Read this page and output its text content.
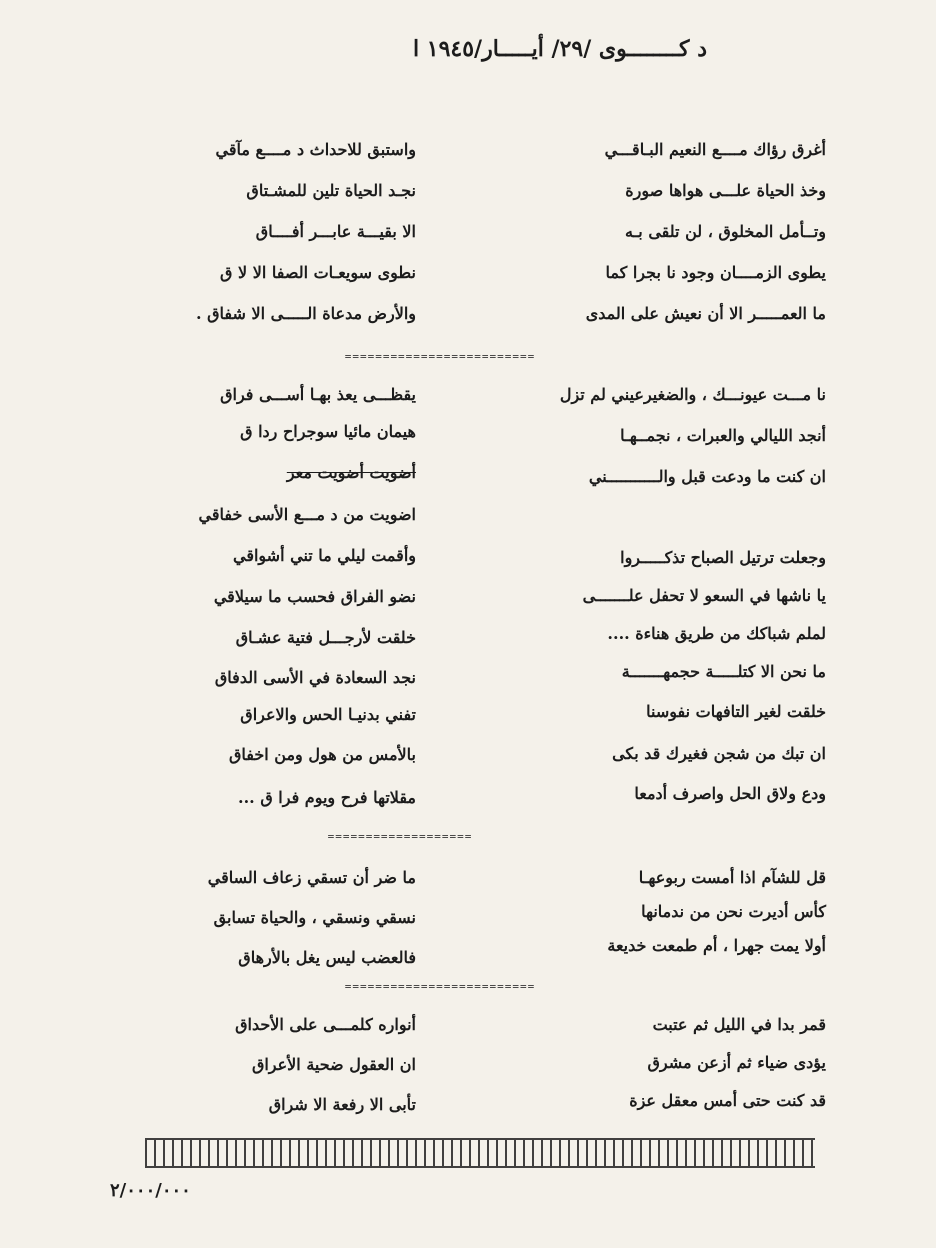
د كــــــــوى /٢٩/ أيـــــار/١٩٤٥ ا
أغرق رؤاك مــــع النعيم البـاقـــي
وخذ الحياة علـــى هواها صورة
وتــأمل المخلوق ، لن تلقى بـه
يطوى الزمــــان وجود نا بجرا كما
ما العمـــــر الا أن نعيش على المدى
واستبق للاحداث د مــــع مآقي
نجـد الحياة تلين للمشـتاق
الا بقيـــة عابـــر أفــــاق
نطوى سويعـات الصفا الا لا ق
والأرض مدعاة الـــــى الا شفاق .
=========================
نا مـــت عيونـــك ، والضغيرعيني لم تزل
أنجد الليالي والعبرات ، نجمــهـا
ان كنت ما ودعت قبل والـــــــــــني
يقظـــى يعذ بهـا أســـى فراق
هيمان مائيا سوجراح ردا ق
أضويت أضويت معر
اضويت من د مـــع الأسى خفاقي
وأقمت ليلي ما تني أشواقي
نضو الفراق فحسب ما سيلاقي
خلقت لأرجـــل فتية عشـاق
نجد السعادة في الأسى الدفاق
تفني بدنيـا الحس والاعراق
بالأمس من هول ومن اخفاق
مقلاتها فرح ويوم فرا ق ...
وجعلت ترتيل الصباح تذكـــــروا
يا ناشها في السعو لا تحفل علـــــــى
لملم شباكك من طريق هناءة ....
ما نحن الا كتلـــــة حجمهـــــــة
خلقت لغير التافهات نفوسنا
ان تبك من شجن فغيرك قد بكى
ودع ولاق الحل واصرف أدمعا
===================
قل للشآم اذا أمست ربوعهـا
كأس أديرت نحن من ندمانها
أولا يمت جهرا ، أم طمعت خديعة
ما ضر أن تسقي زعاف الساقي
نسقي ونسقي ، والحياة تسابق
فالعضب ليس يغل بالأرهاق
=========================
قمر بدا في الليل ثم عتبت
يؤدى ضياء ثم أزعن مشرق
قد كنت حتى أمس معقل عزة
أنواره كلمـــى على الأحداق
ان العقول ضحية الأعراق
تأبى الا رفعة الا شراق
٢/٠٠٠/٠٠٠
